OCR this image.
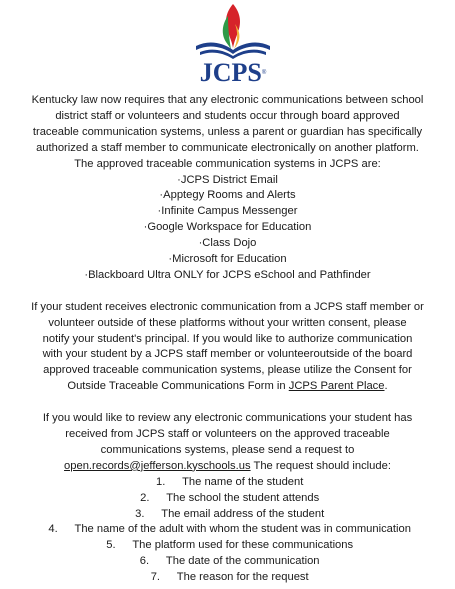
JCPS®

Kentucky law now requires that any electronic communications between school

district staff or volunteers and students occur through board approved

traceable communication systems, unless a parent or guardian has specifically

authorized a staff member to communicate electronically on another platform.

The approved traceable communication systems in JCPS are:

·JCPS District Email

·Apptegy Rooms and Alerts

·Infinite Campus Messenger

·Google Workspace for Education

·Class Dojo

·Microsoft for Education

·Blackboard Ultra ONLY for JCPS eSchool and Pathfinder

If your student receives electronic communication from a JCPS staff member or

volunteer outside of these platforms without your written consent, please

notify your student's principal. If you would like to authorize communication

with your student by a JCPS staff member or volunteeroutside of the board

approved traceable communication systems, please utilize the Consent for

Outside Traceable Communications Form in JCPS Parent Place.

If you would like to review any electronic communications your student has

received from JCPS staff or volunteers on the approved traceable

communications systems, please send a request to

open.records@jefferson.kyschools.us The request should include:

1. The name of the student

2. The school the student attends

3. The email address of the student

4. The name of the adult with whom the student was in communication

5. The platform used for these communications

6. The date of the communication

7. The reason for the request
